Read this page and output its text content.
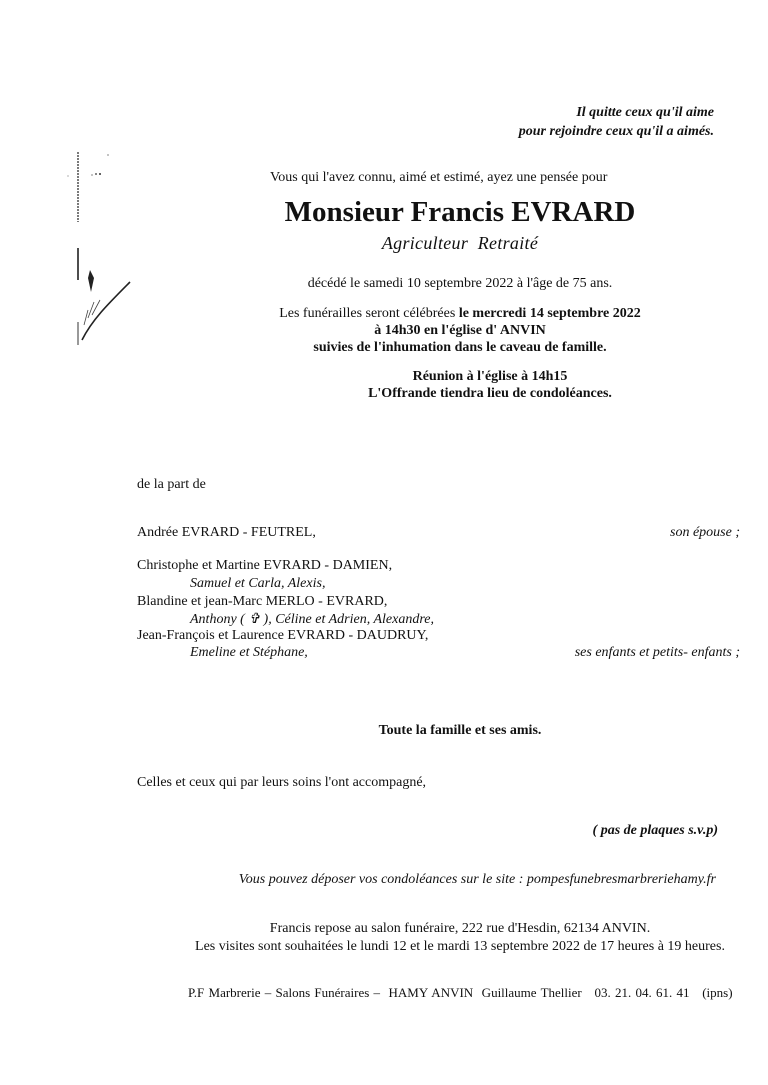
Il quitte ceux qu'il aime
pour rejoindre ceux qu'il a aimés.
Vous qui l'avez connu, aimé et estimé, ayez une pensée pour
Monsieur Francis EVRARD
Agriculteur  Retraité
décédé le samedi 10 septembre 2022 à l'âge de 75 ans.
Les funérailles seront célébrées le mercredi 14 septembre 2022
à 14h30 en l'église d' ANVIN
suivies de l'inhumation dans le caveau de famille.
Réunion à l'église à 14h15
L'Offrande tiendra lieu de condoléances.
de la part de
Andrée EVRARD - FEUTREL,	son épouse ;
Christophe et Martine EVRARD - DAMIEN,
Samuel et Carla, Alexis,
Blandine et jean-Marc MERLO - EVRARD,
Anthony ( ✞ ), Céline et Adrien, Alexandre,
Jean-François et Laurence EVRARD - DAUDRUY,
Emeline et Stéphane,	ses enfants et petits- enfants ;
Toute la famille et ses amis.
Celles et ceux qui par leurs soins l'ont accompagné,
( pas de plaques s.v.p)
Vous pouvez déposer vos condoléances sur le site : pompesfunebresmarbreriehamy.fr
Francis repose au salon funéraire, 222 rue d'Hesdin, 62134 ANVIN.
Les visites sont souhaitées le lundi 12 et le mardi 13 septembre 2022 de 17 heures à 19 heures.
P.F Marbrerie – Salons Funéraires –  HAMY ANVIN  Guillaume Thellier   03. 21. 04. 61. 41   (ipns)
